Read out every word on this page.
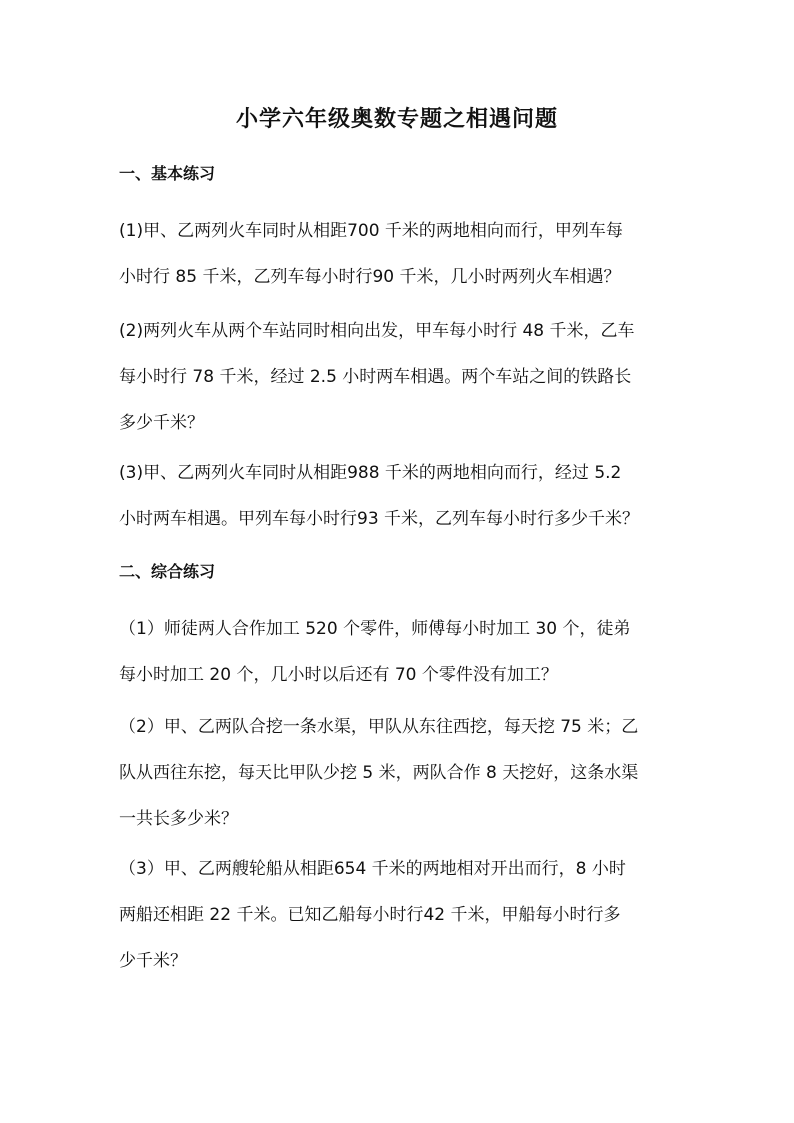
小学六年级奥数专题之相遇问题
一、基本练习
(1)甲、乙两列火车同时从相距700 千米的两地相向而行，甲列车每
小时行 85 千米，乙列车每小时行90 千米，几小时两列火车相遇？
(2)两列火车从两个车站同时相向出发，甲车每小时行 48 千米，乙车
每小时行 78 千米，经过 2.5 小时两车相遇。两个车站之间的铁路长
多少千米？
(3)甲、乙两列火车同时从相距988 千米的两地相向而行，经过 5.2
小时两车相遇。甲列车每小时行93 千米，乙列车每小时行多少千米？
二、综合练习
（1）师徒两人合作加工 520 个零件，师傅每小时加工 30 个，徒弟
每小时加工 20 个，几小时以后还有 70 个零件没有加工？
（2）甲、乙两队合挖一条水渠，甲队从东往西挖，每天挖 75 米；乙
队从西往东挖，每天比甲队少挖 5 米，两队合作 8 天挖好，这条水渠
一共长多少米？
（3）甲、乙两艘轮船从相距654 千米的两地相对开出而行，8 小时
两船还相距 22 千米。已知乙船每小时行42 千米，甲船每小时行多
少千米？
